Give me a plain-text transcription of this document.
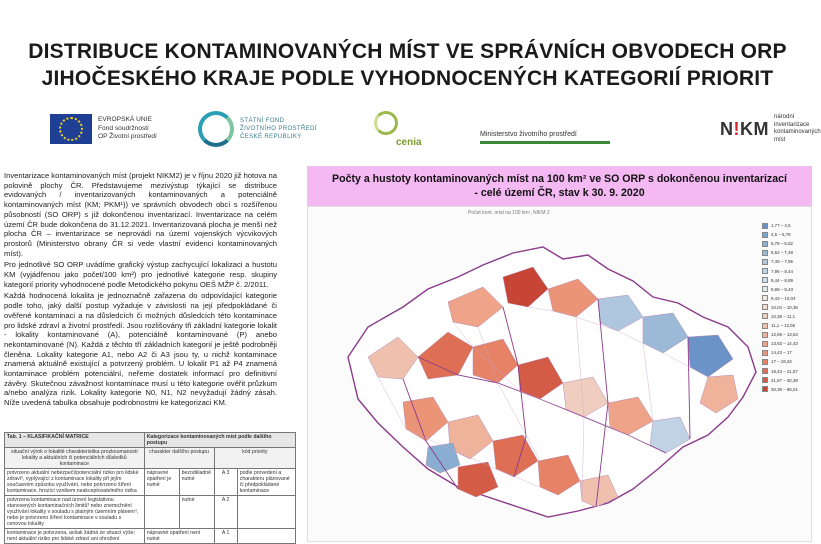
DISTRIBUCE KONTAMINOVANÝCH MÍST VE SPRÁVNÍCH OBVODECH ORP
JIHOČESKÉHO KRAJE PODLE VYHODNOCENÝCH KATEGORIÍ PRIORIT
EVROPSKÁ UNIE
Fond soudržnosti
OP Životní prostředí
STÁTNÍ FOND
ŽIVOTNÍHO PROSTŘEDÍ
ČESKÉ REPUBLIKY	cenia
Ministerstvo životního prostředí	N!KM
národní inventarizace
kontaminovaných míst

Inventarizace kontaminovaných míst (projekt NIKM2) je v říjnu 2020 již hotova na polovině plochy ČR. Představujeme mezivýstup týkající se distribuce evidovaných / inventarizovaných kontaminovaných a potenciálně kontaminovaných míst (KM; PKM¹)) ve správních obvodech obcí s rozšířenou působností (SO ORP) s již dokončenou inventarizací. Inventarizace na celém území ČR bude dokončena do 31.12.2021. Inventarizovaná plocha je menší než plocha ČR – inventarizace se neprovádí na území vojenských výcvikových prostorů (Ministerstvo obrany ČR si vede vlastní evidenci kontaminovaných míst).

Pro jednotlivé SO ORP uvádíme grafický výstup zachycující lokalizaci a hustotu KM (vyjádřenou jako počet/100 km²) pro jednotlivé kategorie resp. skupiny kategorií priority vyhodnocené podle Metodického pokynu OEŠ MŽP č. 2/2011.

Každá hodnocená lokalita je jednoznačně zařazena do odpovídající kategorie podle toho, jaký další postup vyžaduje v závislosti na její předpokládané či ověřené kontaminaci a na důsledcích či možných důsledcích této kontaminace pro lidské zdraví a životní prostředí. Jsou rozlišovány tři základní kategorie lokalit - lokality kontaminované (A), potenciálně kontaminované (P) anebo nekontaminované (N). Každá z těchto tří základních kategorií je ještě podrobněji členěna. Lokality kategorie A1, nebo A2 či A3 jsou ty, u nichž kontaminace znamená aktuálně existující a potvrzený problém. U lokalit P1 až P4 znamená kontaminace problém potenciální, neřeme dostatek informací pro definitivní závěry. Skutečnou závažnost kontaminace musí u této kategorie ověřit průzkum a/nebo analýza rizik. Lokality kategorie N0, N1, N2 nevyžadují žádný zásah. Níže uvedená tabulka obsahuje podrobnostmi ke kategorizaci KM.

Tab. 1 – KLASIFIKAČNÍ MATRICE	Kategorizace kontaminovaných míst podle dalšího postupu			
situační výrok o lokalitě charakteristika prozkoumanosti lokality a aktuálních či potenciálních důsledků kontaminace	charakter dalšího postupu		kód priority	
potvrzeno aktuální nebezpečí/potenciální riziko pro lidské zdraví², vyplývající z kontaminace lokality při jejím současném způsobu využívání, nebo potvrzeno šíření kontaminace, hrozící vznikem neakceptovatelného rizika	nápravné opatření je nutné	bezodkladně nutné	A 3	podle provedení a charakteru plánované či předpokládané kontaminace
potvrzena kontaminace nad úrovní legislativou stanovených kontaminačních limitů³ nebo znemožnění využívání lokality v souladu s platným územním plánem⁴, nebo je potvrzeno šíření kontaminace v souladu s cenovou lokality		nutné	A 2	
kontaminace je potvrzena, avšak žádná ze situací výše; není aktuální riziko pro lidské zdraví ani ohrožení	nápravné opatření není nutné		A 1	
Počty a hustoty kontaminovaných míst na 100 km² ve SO ORP s dokončenou inventarizací
- celé území ČR, stav k 30. 9. 2020
Počet kont. míst na 100 km², NIKM 2
1,77 – 4,5
4,5 – 5,78
5,78 – 6,52
6,52 – 7,49
7,49 – 7,96
7,96 – 8,44
8,44 – 8,89
8,89 – 9,43
9,43 – 10,04
10,04 – 10,38
10,38 – 11,1
11,1 – 12,55
12,55 – 13,63
13,63 – 14,43
14,43 – 17
17 – 18,43
18,43 – 21,57
21,57 – 30,39
30,39 – 85,01
